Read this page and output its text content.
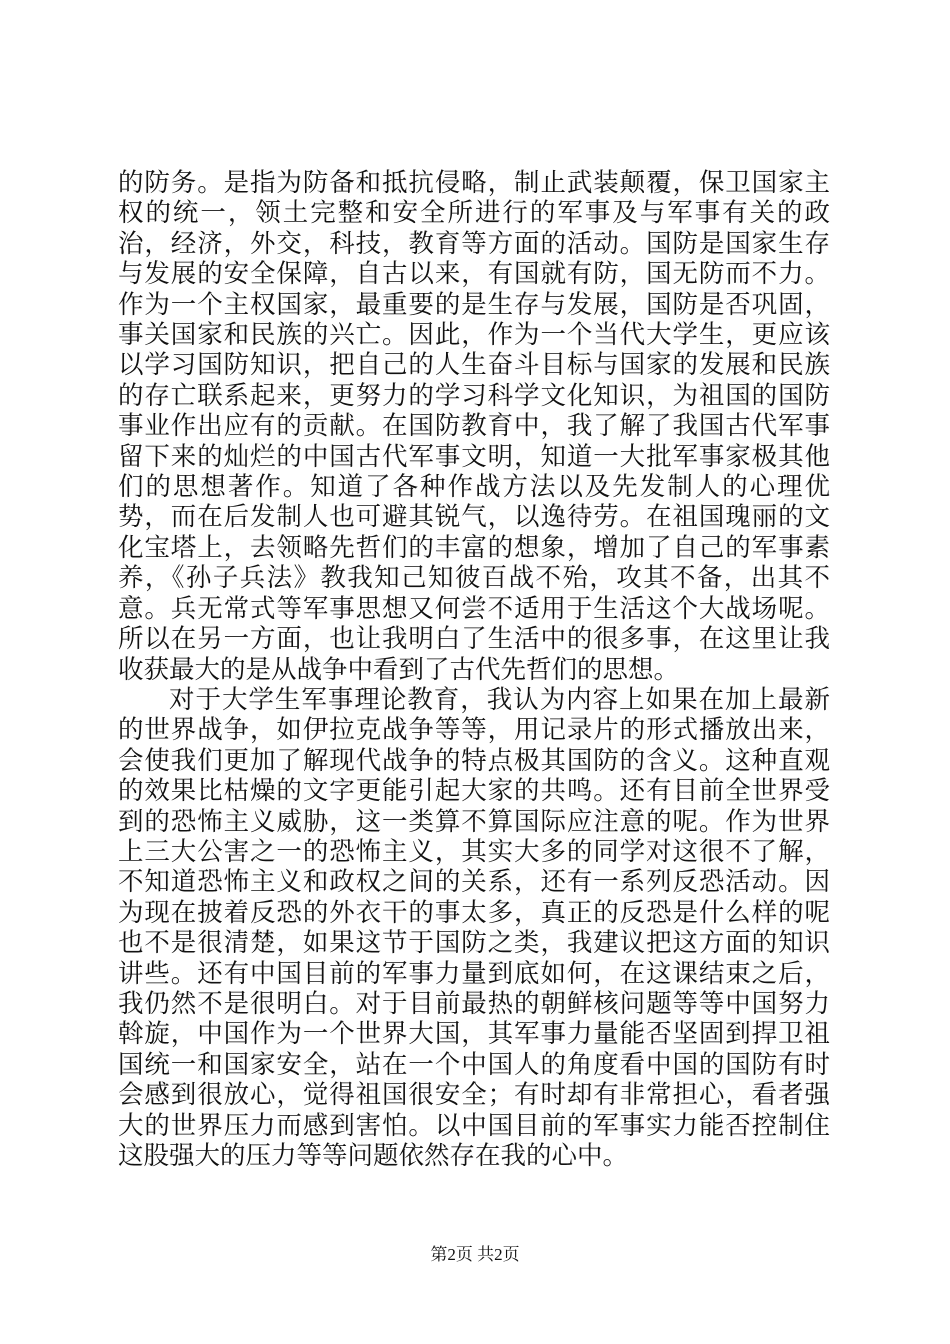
的防务。是指为防备和抵抗侵略，制止武装颠覆，保卫国家主权的统一，领土完整和安全所进行的军事及与军事有关的政治，经济，外交，科技，教育等方面的活动。国防是国家生存与发展的安全保障，自古以来，有国就有防，国无防而不力。作为一个主权国家，最重要的是生存与发展，国防是否巩固，事关国家和民族的兴亡。因此，作为一个当代大学生，更应该以学习国防知识，把自己的人生奋斗目标与国家的发展和民族的存亡联系起来，更努力的学习科学文化知识，为祖国的国防事业作出应有的贡献。在国防教育中，我了解了我国古代军事留下来的灿烂的中国古代军事文明，知道一大批军事家极其他们的思想著作。知道了各种作战方法以及先发制人的心理优势，而在后发制人也可避其锐气，以逸待劳。在祖国瑰丽的文化宝塔上，去领略先哲们的丰富的想象，增加了自己的军事素养，《孙子兵法》教我知己知彼百战不殆，攻其不备，出其不意。兵无常式等军事思想又何尝不适用于生活这个大战场呢。所以在另一方面，也让我明白了生活中的很多事，在这里让我收获最大的是从战争中看到了古代先哲们的思想。

对于大学生军事理论教育，我认为内容上如果在加上最新的世界战争，如伊拉克战争等等，用记录片的形式播放出来，会使我们更加了解现代战争的特点极其国防的含义。这种直观的效果比枯燥的文字更能引起大家的共鸣。还有目前全世界受到的恐怖主义威胁，这一类算不算国际应注意的呢。作为世界上三大公害之一的恐怖主义，其实大多的同学对这很不了解，不知道恐怖主义和政权之间的关系，还有一系列反恐活动。因为现在披着反恐的外衣干的事太多，真正的反恐是什么样的呢也不是很清楚，如果这节于国防之类，我建议把这方面的知识讲些。还有中国目前的军事力量到底如何，在这课结束之后，我仍然不是很明白。对于目前最热的朝鲜核问题等等中国努力斡旋，中国作为一个世界大国，其军事力量能否坚固到捍卫祖国统一和国家安全，站在一个中国人的角度看中国的国防有时会感到很放心，觉得祖国很安全；有时却有非常担心，看者强大的世界压力而感到害怕。以中国目前的军事实力能否控制住这股强大的压力等等问题依然存在我的心中。

第2页 共2页
